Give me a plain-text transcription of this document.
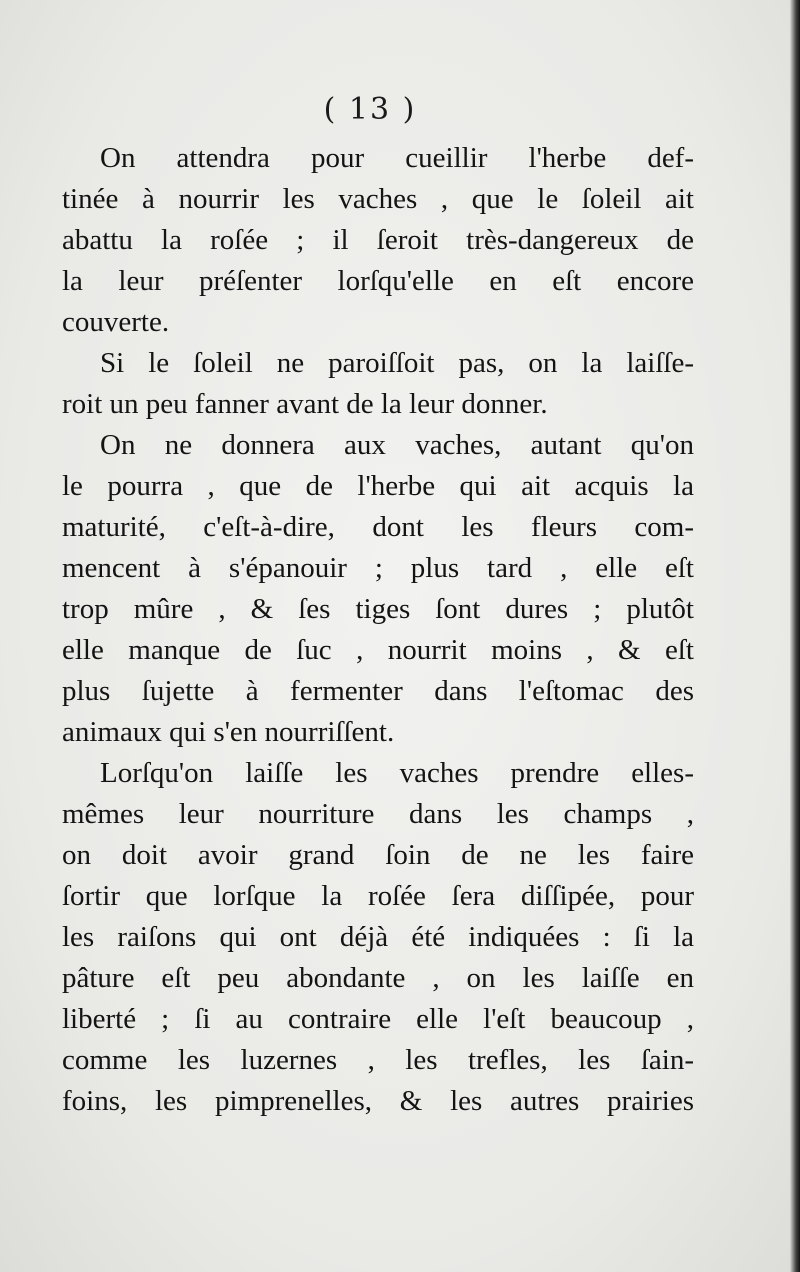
( 13 )
On attendra pour cueillir l'herbe def-
tinée à nourrir les vaches , que le ſoleil ait
abattu la roſée ; il ſeroit très-dangereux de
la leur préſenter lorſqu'elle en eſt encore
couverte.
Si le ſoleil ne paroiſſoit pas, on la laiſſe-
roit un peu fanner avant de la leur donner.
On ne donnera aux vaches, autant qu'on
le pourra , que de l'herbe qui ait acquis la
maturité, c'eſt-à-dire, dont les fleurs com-
mencent à s'épanouir ; plus tard , elle eſt
trop mûre , & ſes tiges ſont dures ; plutôt
elle manque de ſuc , nourrit moins , & eſt
plus ſujette à fermenter dans l'eſtomac des
animaux qui s'en nourriſſent.
Lorſqu'on laiſſe les vaches prendre elles-
mêmes leur nourriture dans les champs ,
on doit avoir grand ſoin de ne les faire
ſortir que lorſque la roſée ſera diſſipée, pour
les raiſons qui ont déjà été indiquées : ſi la
pâture eſt peu abondante , on les laiſſe en
liberté ; ſi au contraire elle l'eſt beaucoup ,
comme les luzernes , les trefles, les ſain-
foins, les pimprenelles, & les autres prairies
